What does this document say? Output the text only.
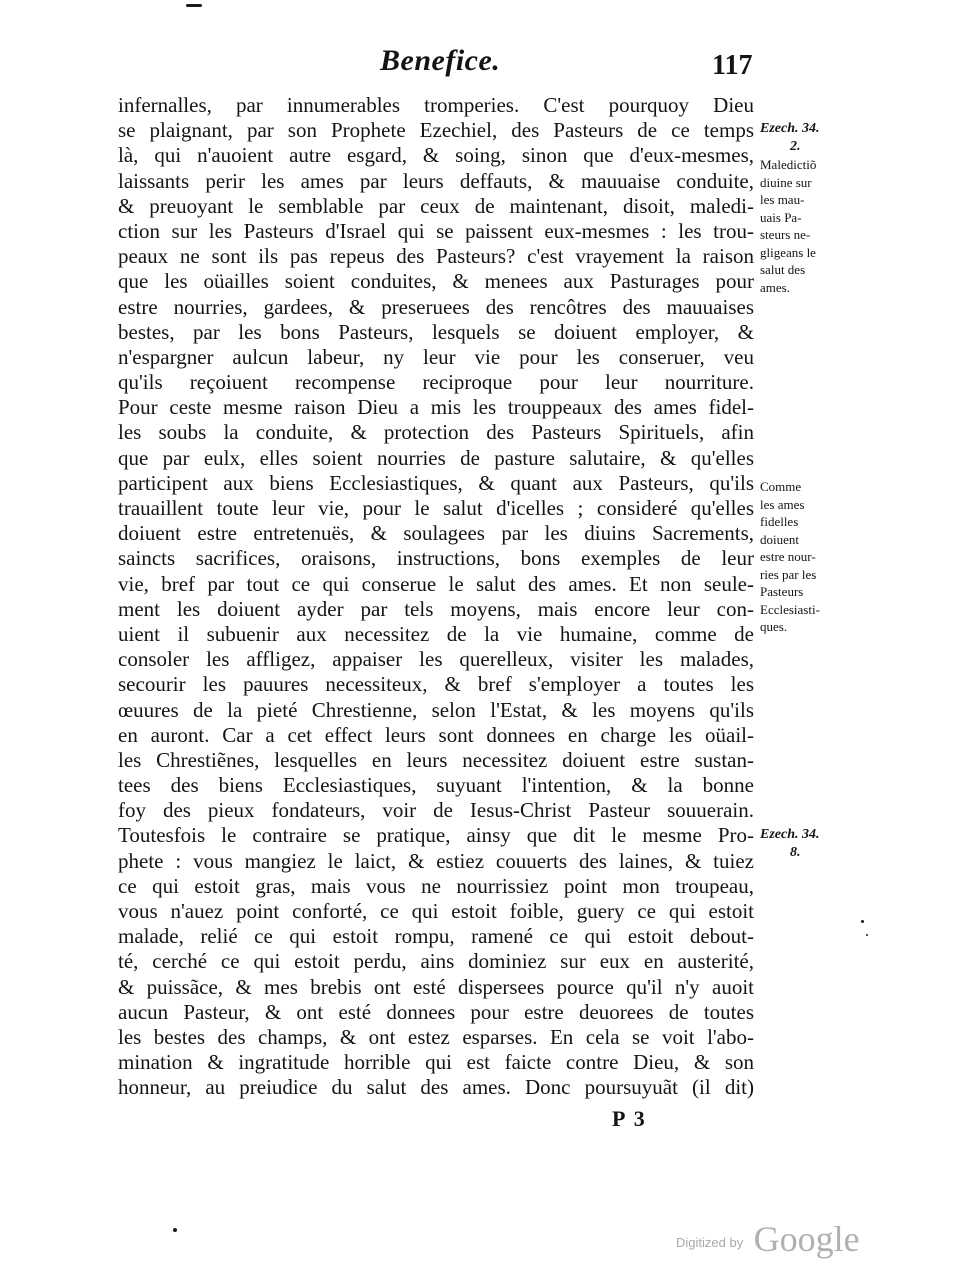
Benefice.	117
infernalles, par innumerables tromperies. C'est pourquoy Dieu
se plaignant, par son Prophete Ezechiel, des Pasteurs de ce temps
là, qui n'auoient autre esgard, & soing, sinon que d'eux-mesmes,
laissants perir les ames par leurs deffauts, & mauuaise conduite,
& preuoyant le semblable par ceux de maintenant, disoit, maledi-
ction sur les Pasteurs d'Israel qui se paissent eux-mesmes : les trou-
peaux ne sont ils pas repeus des Pasteurs? c'est vrayement la raison
que les oüailles soient conduites, & menees aux Pasturages pour
estre nourries, gardees, & preseruees des rencôtres des mauuaises
bestes, par les bons Pasteurs, lesquels se doiuent employer, &
n'espargner aulcun labeur, ny leur vie pour les conseruer, veu
qu'ils reçoiuent recompense reciproque pour leur nourriture.
Pour ceste mesme raison Dieu a mis les trouppeaux des ames fidel-
les soubs la conduite, & protection des Pasteurs Spirituels, afin
que par eulx, elles soient nourries de pasture salutaire, & qu'elles
participent aux biens Ecclesiastiques, & quant aux Pasteurs, qu'ils
trauaillent toute leur vie, pour le salut d'icelles ; consideré qu'elles
doiuent estre entretenuës, & soulagees par les diuins Sacrements,
saincts sacrifices, oraisons, instructions, bons exemples de leur
vie, bref par tout ce qui conserue le salut des ames. Et non seule-
ment les doiuent ayder par tels moyens, mais encore leur con-
uient il subuenir aux necessitez de la vie humaine, comme de
consoler les affligez, appaiser les querelleux, visiter les malades,
secourir les pauures necessiteux, & bref s'employer a toutes les
œuures de la pieté Chrestienne, selon l'Estat, & les moyens qu'ils
en auront. Car a cet effect leurs sont donnees en charge les oüail-
les Chrestiẽnes, lesquelles en leurs necessitez doiuent estre sustan-
tees des biens Ecclesiastiques, suyuant l'intention, & la bonne
foy des pieux fondateurs, voir de Iesus-Christ Pasteur souuerain.
Toutesfois le contraire se pratique, ainsy que dit le mesme Pro-
phete : vous mangiez le laict, & estiez couuerts des laines, & tuiez
ce qui estoit gras, mais vous ne nourrissiez point mon troupeau,
vous n'auez point conforté, ce qui estoit foible, guery ce qui estoit
malade, relié ce qui estoit rompu, ramené ce qui estoit debout-
té, cerché ce qui estoit perdu, ains dominiez sur eux en austerité,
& puissãce, & mes brebis ont esté dispersees pource qu'il n'y auoit
aucun Pasteur, & ont esté donnees pour estre deuorees de toutes
les bestes des champs, & ont estez esparses. En cela se voit l'abo-
mination & ingratitude horrible qui est faicte contre Dieu, & son
honneur, au preiudice du salut des ames. Donc poursuyuãt (il dit)
Ezech. 34.
2.
Maledictiõ
diuine sur
les mau-
uais Pa-
steurs ne-
gligeans le
salut des
ames.
Comme
les ames
fidelles
doiuent
estre nour-
ries par les
Pasteurs
Ecclesiasti-
ques.
Ezech. 34.
8.
P 3
$^{Digitized by}$ Google
